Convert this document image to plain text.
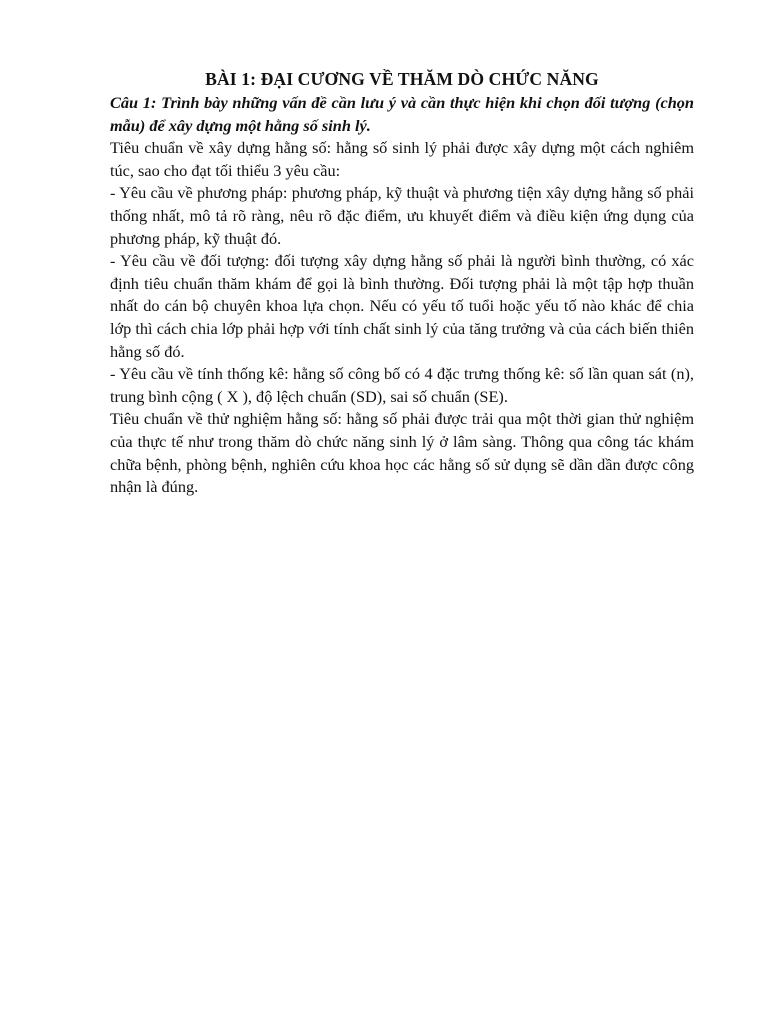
BÀI 1: ĐẠI CƯƠNG VỀ THĂM DÒ CHỨC NĂNG

Câu 1: Trình bày những vấn đề cần lưu ý và cần thực hiện khi chọn đối tượng (chọn mẫu) để xây dựng một hằng số sinh lý.

Tiêu chuẩn về xây dựng hằng số: hằng số sinh lý phải được xây dựng một cách nghiêm túc, sao cho đạt tối thiểu 3 yêu cầu:

- Yêu cầu về phương pháp: phương pháp, kỹ thuật và phương tiện xây dựng hằng số phải thống nhất, mô tả rõ ràng, nêu rõ đặc điểm, ưu khuyết điểm và điều kiện ứng dụng của phương pháp, kỹ thuật đó.

- Yêu cầu về đối tượng: đối tượng xây dựng hằng số phải là người bình thường, có xác định tiêu chuẩn thăm khám để gọi là bình thường. Đối tượng phải là một tập hợp thuần nhất do cán bộ chuyên khoa lựa chọn. Nếu có yếu tố tuổi hoặc yếu tố nào khác để chia lớp thì cách chia lớp phải hợp với tính chất sinh lý của tăng trưởng và của cách biến thiên hằng số đó.

- Yêu cầu về tính thống kê: hằng số công bố có 4 đặc trưng thống kê: số lần quan sát (n), trung bình cộng ( X ), độ lệch chuẩn (SD), sai số chuẩn (SE).

Tiêu chuẩn về thử nghiệm hằng số: hằng số phải được trải qua một thời gian thử nghiệm của thực tế như trong thăm dò chức năng sinh lý ở lâm sàng. Thông qua công tác khám chữa bệnh, phòng bệnh, nghiên cứu khoa học các hằng số sử dụng sẽ dần dần được công nhận là đúng.
